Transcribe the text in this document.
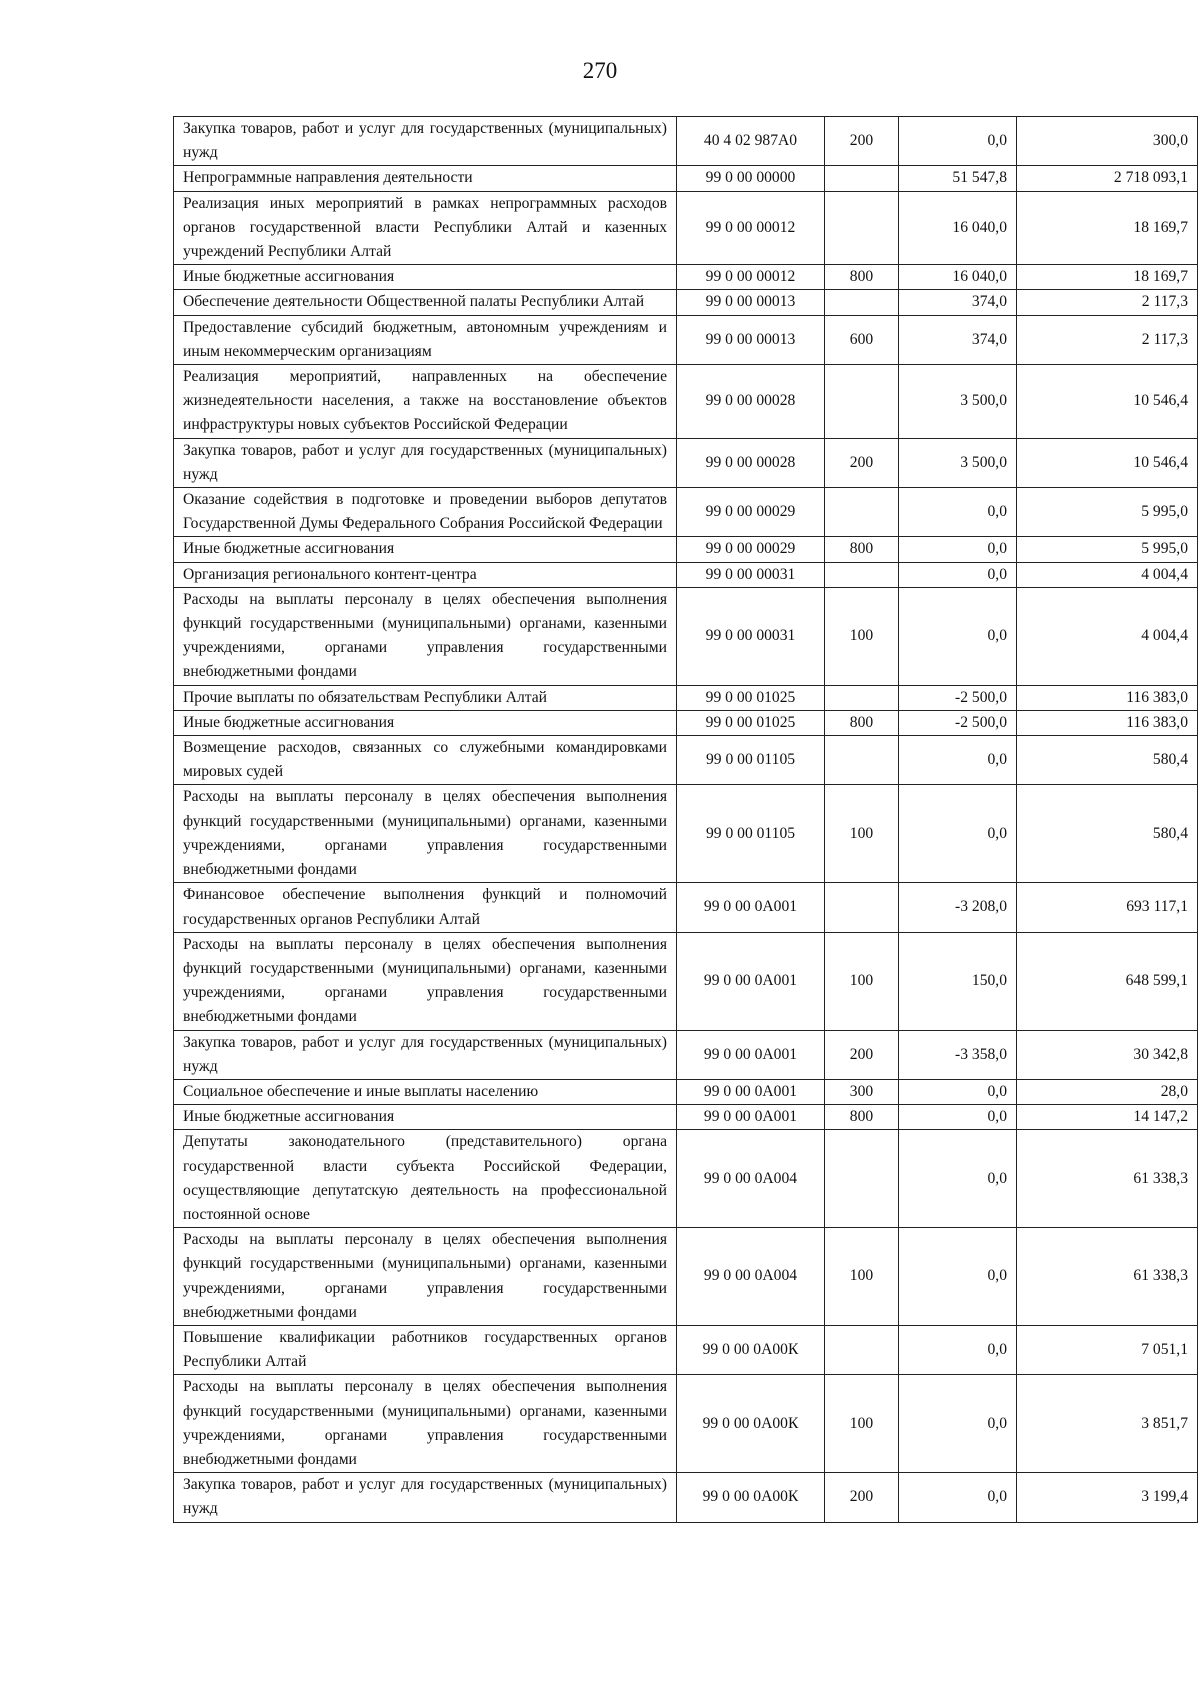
270
Закупка товаров, работ и услуг для государственных (муниципальных) нужд	40 4 02 987А0	200	0,0	300,0
Непрограммные направления деятельности	99 0 00 00000		51 547,8	2 718 093,1
Реализация иных мероприятий в рамках непрограммных расходов органов государственной власти Республики Алтай и казенных учреждений Республики Алтай	99 0 00 00012		16 040,0	18 169,7
Иные бюджетные ассигнования	99 0 00 00012	800	16 040,0	18 169,7
Обеспечение деятельности Общественной палаты Республики Алтай	99 0 00 00013		374,0	2 117,3
Предоставление субсидий бюджетным, автономным учреждениям и иным некоммерческим организациям	99 0 00 00013	600	374,0	2 117,3
Реализация мероприятий, направленных на обеспечение жизнедеятельности населения, а также на восстановление объектов инфраструктуры новых субъектов Российской Федерации	99 0 00 00028		3 500,0	10 546,4
Закупка товаров, работ и услуг для государственных (муниципальных) нужд	99 0 00 00028	200	3 500,0	10 546,4
Оказание содействия в подготовке и проведении выборов депутатов Государственной Думы Федерального Собрания Российской Федерации	99 0 00 00029		0,0	5 995,0
Иные бюджетные ассигнования	99 0 00 00029	800	0,0	5 995,0
Организация регионального контент-центра	99 0 00 00031		0,0	4 004,4
Расходы на выплаты персоналу в целях обеспечения выполнения функций государственными (муниципальными) органами, казенными учреждениями, органами управления государственными внебюджетными фондами	99 0 00 00031	100	0,0	4 004,4
Прочие выплаты по обязательствам Республики Алтай	99 0 00 01025		-2 500,0	116 383,0
Иные бюджетные ассигнования	99 0 00 01025	800	-2 500,0	116 383,0
Возмещение расходов, связанных со служебными командировками мировых судей	99 0 00 01105		0,0	580,4
Расходы на выплаты персоналу в целях обеспечения выполнения функций государственными (муниципальными) органами, казенными учреждениями, органами управления государственными внебюджетными фондами	99 0 00 01105	100	0,0	580,4
Финансовое обеспечение выполнения функций и полномочий государственных органов Республики Алтай	99 0 00 0А001		-3 208,0	693 117,1
Расходы на выплаты персоналу в целях обеспечения выполнения функций государственными (муниципальными) органами, казенными учреждениями, органами управления государственными внебюджетными фондами	99 0 00 0А001	100	150,0	648 599,1
Закупка товаров, работ и услуг для государственных (муниципальных) нужд	99 0 00 0А001	200	-3 358,0	30 342,8
Социальное обеспечение и иные выплаты населению	99 0 00 0А001	300	0,0	28,0
Иные бюджетные ассигнования	99 0 00 0А001	800	0,0	14 147,2
Депутаты законодательного (представительного) органа государственной власти субъекта Российской Федерации, осуществляющие депутатскую деятельность на профессиональной постоянной основе	99 0 00 0А004		0,0	61 338,3
Расходы на выплаты персоналу в целях обеспечения выполнения функций государственными (муниципальными) органами, казенными учреждениями, органами управления государственными внебюджетными фондами	99 0 00 0А004	100	0,0	61 338,3
Повышение квалификации работников государственных органов Республики Алтай	99 0 00 0А00К		0,0	7 051,1
Расходы на выплаты персоналу в целях обеспечения выполнения функций государственными (муниципальными) органами, казенными учреждениями, органами управления государственными внебюджетными фондами	99 0 00 0А00К	100	0,0	3 851,7
Закупка товаров, работ и услуг для государственных (муниципальных) нужд	99 0 00 0А00К	200	0,0	3 199,4
